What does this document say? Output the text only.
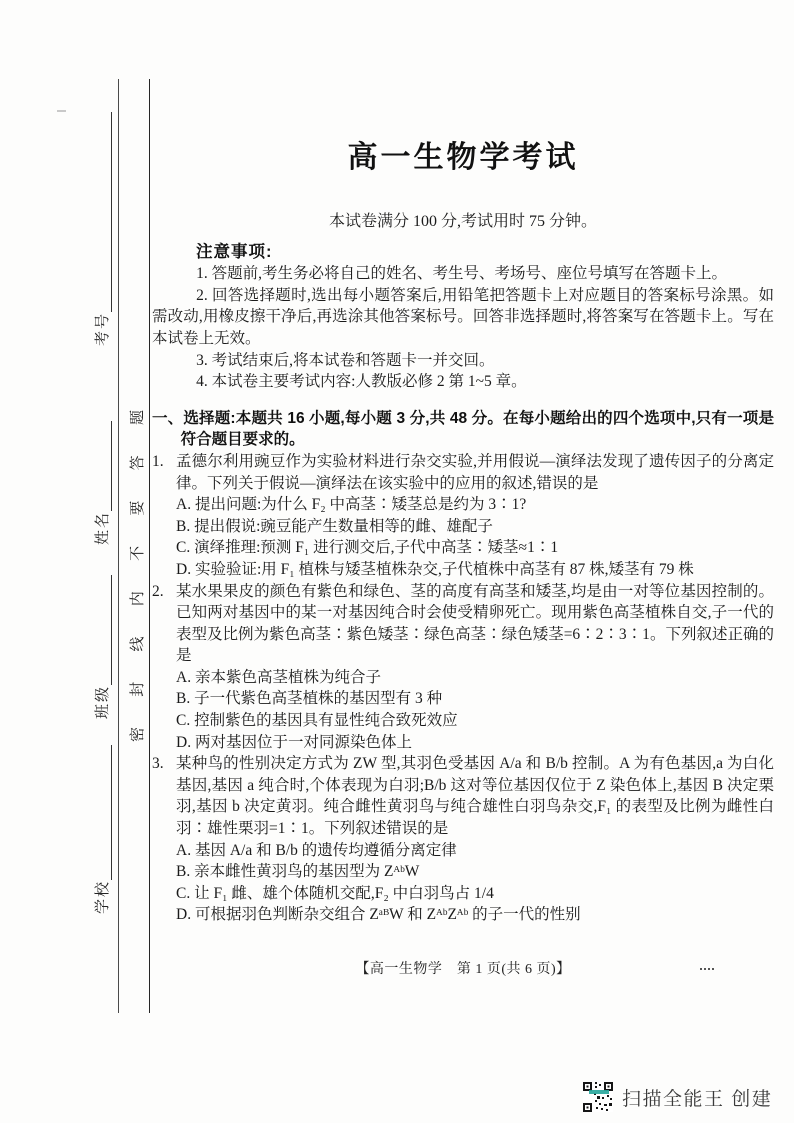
学校
班级
姓名
考号
密
封
线
内
不
要
答
题
高一生物学考试
本试卷满分 100 分,考试用时 75 分钟。
注意事项:

1. 答题前,考生务必将自己的姓名、考生号、考场号、座位号填写在答题卡上。

2. 回答选择题时,选出每小题答案后,用铅笔把答题卡上对应题目的答案标号涂黑。如需改动,用橡皮擦干净后,再选涂其他答案标号。回答非选择题时,将答案写在答题卡上。写在本试卷上无效。

3. 考试结束后,将本试卷和答题卡一并交回。

4. 本试卷主要考试内容:人教版必修 2 第 1~5 章。

一、选择题:本题共 16 小题,每小题 3 分,共 48 分。在每小题给出的四个选项中,只有一项是符合题目要求的。
1. 孟德尔利用豌豆作为实验材料进行杂交实验,并用假说—演绎法发现了遗传因子的分离定律。下列关于假说—演绎法在该实验中的应用的叙述,错误的是
A. 提出问题:为什么 F₂ 中高茎∶矮茎总是约为 3∶1?
B. 提出假说:豌豆能产生数量相等的雌、雄配子
C. 演绎推理:预测 F₁ 进行测交后,子代中高茎∶矮茎≈1∶1
D. 实验验证:用 F₁ 植株与矮茎植株杂交,子代植株中高茎有 87 株,矮茎有 79 株
2. 某水果果皮的颜色有紫色和绿色、茎的高度有高茎和矮茎,均是由一对等位基因控制的。已知两对基因中的某一对基因纯合时会使受精卵死亡。现用紫色高茎植株自交,子一代的表型及比例为紫色高茎∶紫色矮茎∶绿色高茎∶绿色矮茎=6∶2∶3∶1。下列叙述正确的是
A. 亲本紫色高茎植株为纯合子
B. 子一代紫色高茎植株的基因型有 3 种
C. 控制紫色的基因具有显性纯合致死效应
D. 两对基因位于一对同源染色体上
3. 某种鸟的性别决定方式为 ZW 型,其羽色受基因 A/a 和 B/b 控制。A 为有色基因,a 为白化基因,基因 a 纯合时,个体表现为白羽;B/b 这对等位基因仅位于 Z 染色体上,基因 B 决定栗羽,基因 b 决定黄羽。纯合雌性黄羽鸟与纯合雄性白羽鸟杂交,F₁ 的表型及比例为雌性白羽∶雄性栗羽=1∶1。下列叙述错误的是
A. 基因 A/a 和 B/b 的遗传均遵循分离定律
B. 亲本雌性黄羽鸟的基因型为 ZᴬᵇW
C. 让 F₁ 雌、雄个体随机交配,F₂ 中白羽鸟占 1/4
D. 可根据羽色判断杂交组合 ZᵃᴮW 和 ZᴬᵇZᴬᵇ 的子一代的性别
【高一生物学　第 1 页(共 6 页)】
扫描全能王 创建
